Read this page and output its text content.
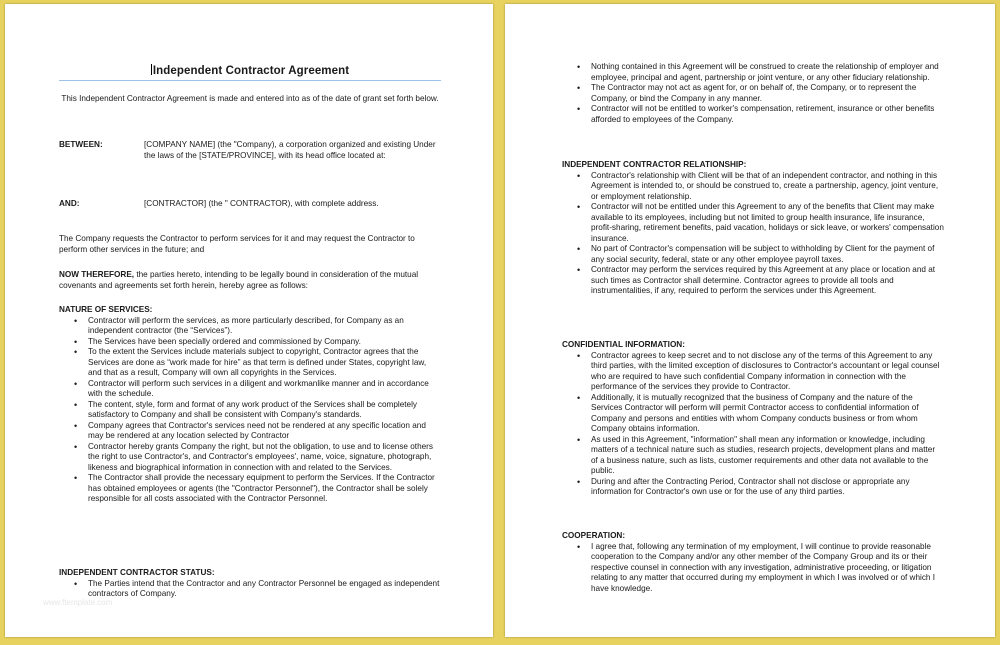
Independent Contractor Agreement
This Independent Contractor Agreement is made and entered into as of the date of grant set forth below.
BETWEEN:	[COMPANY NAME] (the "Company), a corporation organized and existing Under the laws of the [STATE/PROVINCE], with its head office located at:
AND:	[CONTRACTOR] (the " CONTRACTOR), with complete address.
The Company requests the Contractor to perform services for it and may request the Contractor to perform other services in the future; and
NOW THEREFORE, the parties hereto, intending to be legally bound in consideration of the mutual covenants and agreements set forth herein, hereby agree as follows:

NATURE OF SERVICES:

• Contractor will perform the services, as more particularly described, for Company as an independent contractor (the “Services”).
• The Services have been specially ordered and commissioned by Company.
• To the extent the Services include materials subject to copyright, Contractor agrees that the Services are done as “work made for hire” as that term is defined under States, copyright law, and that as a result, Company will own all copyrights in the Services.
• Contractor will perform such services in a diligent and workmanlike manner and in accordance with the schedule.
• The content, style, form and format of any work product of the Services shall be completely satisfactory to Company and shall be consistent with Company's standards.
• Company agrees that Contractor's services need not be rendered at any specific location and may be rendered at any location selected by Contractor
• Contractor hereby grants Company the right, but not the obligation, to use and to license others the right to use Contractor's, and Contractor's employees', name, voice, signature, photograph, likeness and biographical information in connection with and related to the Services.
• The Contractor shall provide the necessary equipment to perform the Services. If the Contractor has obtained employees or agents (the "Contractor Personnel"), the Contractor shall be solely responsible for all costs associated with the Contractor Personnel.

INDEPENDENT CONTRACTOR STATUS:

• The Parties intend that the Contractor and any Contractor Personnel be engaged as independent contractors of Company.
www.ftemplate.com
• Nothing contained in this Agreement will be construed to create the relationship of employer and employee, principal and agent, partnership or joint venture, or any other fiduciary relationship.
• The Contractor may not act as agent for, or on behalf of, the Company, or to represent the Company, or bind the Company in any manner.
• Contractor will not be entitled to worker's compensation, retirement, insurance or other benefits afforded to employees of the Company.

INDEPENDENT CONTRACTOR RELATIONSHIP:

• Contractor's relationship with Client will be that of an independent contractor, and nothing in this Agreement is intended to, or should be construed to, create a partnership, agency, joint venture, or employment relationship.
• Contractor will not be entitled under this Agreement to any of the benefits that Client may make available to its employees, including but not limited to group health insurance, life insurance, profit-sharing, retirement benefits, paid vacation, holidays or sick leave, or workers' compensation insurance.
• No part of Contractor's compensation will be subject to withholding by Client for the payment of any social security, federal, state or any other employee payroll taxes.
• Contractor may perform the services required by this Agreement at any place or location and at such times as Contractor shall determine. Contractor agrees to provide all tools and instrumentalities, if any, required to perform the services under this Agreement.

CONFIDENTIAL INFORMATION:

• Contractor agrees to keep secret and to not disclose any of the terms of this Agreement to any third parties, with the limited exception of disclosures to Contractor's accountant or legal counsel who are required to have such confidential Company information in connection with the performance of the services they provide to Contractor.
• Additionally, it is mutually recognized that the business of Company and the nature of the Services Contractor will perform will permit Contractor access to confidential information of Company and persons and entities with whom Company conducts business or from whom Company obtains information.
• As used in this Agreement, "information" shall mean any information or knowledge, including matters of a technical nature such as studies, research projects, development plans and matter of a business nature, such as lists, customer requirements and other data not available to the public.
• During and after the Contracting Period, Contractor shall not disclose or appropriate any information for Contractor's own use or for the use of any third parties.

COOPERATION:

• I agree that, following any termination of my employment, I will continue to provide reasonable cooperation to the Company and/or any other member of the Company Group and its or their respective counsel in connection with any investigation, administrative proceeding, or litigation relating to any matter that occurred during my employment in which I was involved or of which I have knowledge.
